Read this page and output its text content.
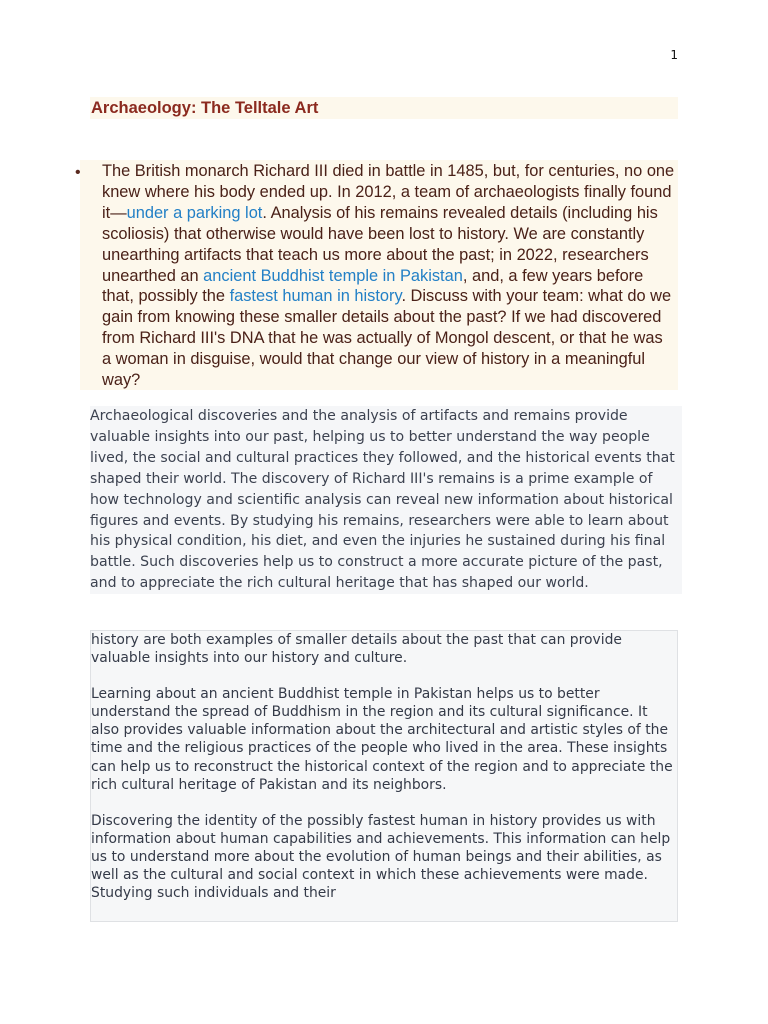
1
Archaeology: The Telltale Art
• The British monarch Richard III died in battle in 1485, but, for centuries, no one knew where his body ended up. In 2012, a team of archaeologists finally found it—under a parking lot. Analysis of his remains revealed details (including his scoliosis) that otherwise would have been lost to history. We are constantly unearthing artifacts that teach us more about the past; in 2022, researchers unearthed an ancient Buddhist temple in Pakistan, and, a few years before that, possibly the fastest human in history. Discuss with your team: what do we gain from knowing these smaller details about the past? If we had discovered from Richard III's DNA that he was actually of Mongol descent, or that he was a woman in disguise, would that change our view of history in a meaningful way?

Archaeological discoveries and the analysis of artifacts and remains provide valuable insights into our past, helping us to better understand the way people lived, the social and cultural practices they followed, and the historical events that shaped their world. The discovery of Richard III's remains is a prime example of how technology and scientific analysis can reveal new information about historical figures and events. By studying his remains, researchers were able to learn about his physical condition, his diet, and even the injuries he sustained during his final battle. Such discoveries help us to construct a more accurate picture of the past, and to appreciate the rich cultural heritage that has shaped our world.

history are both examples of smaller details about the past that can provide valuable insights into our history and culture.

Learning about an ancient Buddhist temple in Pakistan helps us to better understand the spread of Buddhism in the region and its cultural significance. It also provides valuable information about the architectural and artistic styles of the time and the religious practices of the people who lived in the area. These insights can help us to reconstruct the historical context of the region and to appreciate the rich cultural heritage of Pakistan and its neighbors.

Discovering the identity of the possibly fastest human in history provides us with information about human capabilities and achievements. This information can help us to understand more about the evolution of human beings and their abilities, as well as the cultural and social context in which these achievements were made. Studying such individuals and their
